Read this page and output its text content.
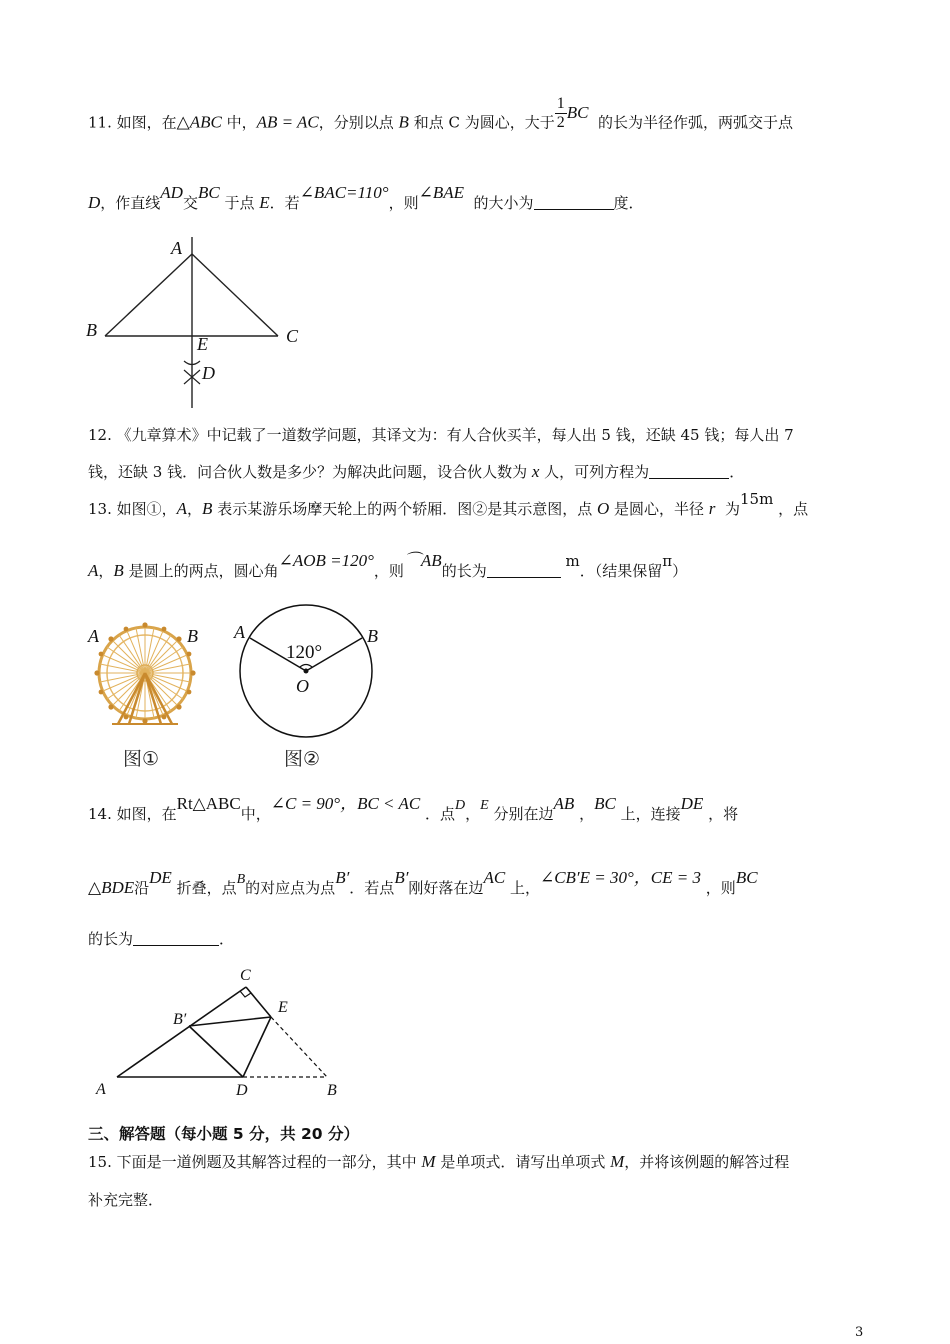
11. 如图，在△ABC 中，AB = AC，分别以点 B 和点 C 为圆心，大于 $\frac{1}{2}$ BC  的长为半径作弧，两弧交于点
D，作直线AD交BC 于点 E．若∠BAC=110°，则∠BAE  的大小为	度．
A
B	C
E
D
12. 《九章算术》中记载了一道数学问题，其译文为：有人合伙买羊，每人出 5 钱，还缺 45 钱；每人出 7
钱，还缺 3 钱．问合伙人数是多少？为解决此问题，设合伙人数为 x 人，可列方程为	．
13. 如图①，A，B 表示某游乐场摩天轮上的两个轿厢．图②是其示意图，点 O 是圆心，半径 r  为15m ，点
A，B 是圆上的两点，圆心角∠AOB =120°，则⌒AB的长为 m．（结果保留π）
A	B
图①
A	B
O
120°
图②
14. 如图，在Rt△ABC中，∠C = 90°，BC < AC ．点D，E 分别在边AB ，BC 上，连接DE ，将
△BDE沿DE 折叠，点B的对应点为点B′．若点B′刚好落在边AC 上，∠CB′E = 30°，CE = 3 ，则BC
的长为	．
C
B′
E
A	D	B
三、解答题（每小题 5 分，共 20 分）
15. 下面是一道例题及其解答过程的一部分，其中 M 是单项式．请写出单项式 M，并将该例题的解答过程
补充完整．
3
